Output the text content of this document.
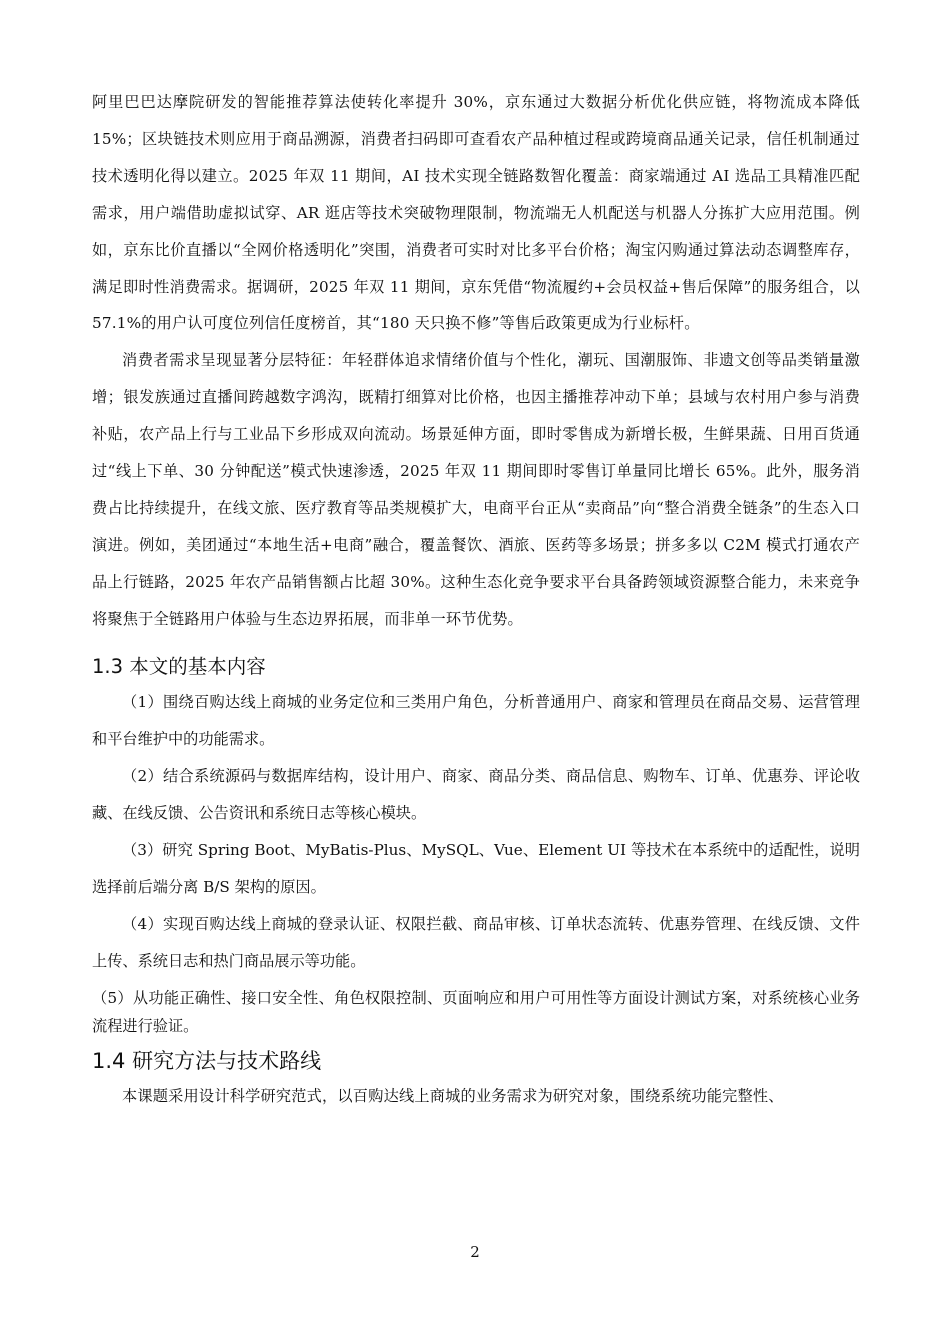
阿里巴巴达摩院研发的智能推荐算法使转化率提升 30%，京东通过大数据分析优化供应链，将物流成本降低 15%；区块链技术则应用于商品溯源，消费者扫码即可查看农产品种植过程或跨境商品通关记录，信任机制通过技术透明化得以建立。2025 年双 11 期间，AI 技术实现全链路数智化覆盖：商家端通过 AI 选品工具精准匹配需求，用户端借助虚拟试穿、AR 逛店等技术突破物理限制，物流端无人机配送与机器人分拣扩大应用范围。例如，京东比价直播以“全网价格透明化”突围，消费者可实时对比多平台价格；淘宝闪购通过算法动态调整库存，满足即时性消费需求。据调研，2025 年双 11 期间，京东凭借“物流履约+会员权益+售后保障”的服务组合，以 57.1%的用户认可度位列信任度榜首，其“180 天只换不修”等售后政策更成为行业标杆。

消费者需求呈现显著分层特征：年轻群体追求情绪价值与个性化，潮玩、国潮服饰、非遗文创等品类销量激增；银发族通过直播间跨越数字鸿沟，既精打细算对比价格，也因主播推荐冲动下单；县域与农村用户参与消费补贴，农产品上行与工业品下乡形成双向流动。场景延伸方面，即时零售成为新增长极，生鲜果蔬、日用百货通过“线上下单、30 分钟配送”模式快速渗透，2025 年双 11 期间即时零售订单量同比增长 65%。此外，服务消费占比持续提升，在线文旅、医疗教育等品类规模扩大，电商平台正从“卖商品”向“整合消费全链条”的生态入口演进。例如，美团通过“本地生活+电商”融合，覆盖餐饮、酒旅、医药等多场景；拼多多以 C2M 模式打通农产品上行链路，2025 年农产品销售额占比超 30%。这种生态化竞争要求平台具备跨领域资源整合能力，未来竞争将聚焦于全链路用户体验与生态边界拓展，而非单一环节优势。

1.3 本文的基本内容

（1）围绕百购达线上商城的业务定位和三类用户角色，分析普通用户、商家和管理员在商品交易、运营管理和平台维护中的功能需求。

（2）结合系统源码与数据库结构，设计用户、商家、商品分类、商品信息、购物车、订单、优惠券、评论收藏、在线反馈、公告资讯和系统日志等核心模块。

（3）研究 Spring Boot、MyBatis-Plus、MySQL、Vue、Element UI 等技术在本系统中的适配性，说明选择前后端分离 B/S 架构的原因。

（4）实现百购达线上商城的登录认证、权限拦截、商品审核、订单状态流转、优惠券管理、在线反馈、文件上传、系统日志和热门商品展示等功能。

（5）从功能正确性、接口安全性、角色权限控制、页面响应和用户可用性等方面设计测试方案，对系统核心业务流程进行验证。

1.4 研究方法与技术路线

本课题采用设计科学研究范式，以百购达线上商城的业务需求为研究对象，围绕系统功能完整性、

2
